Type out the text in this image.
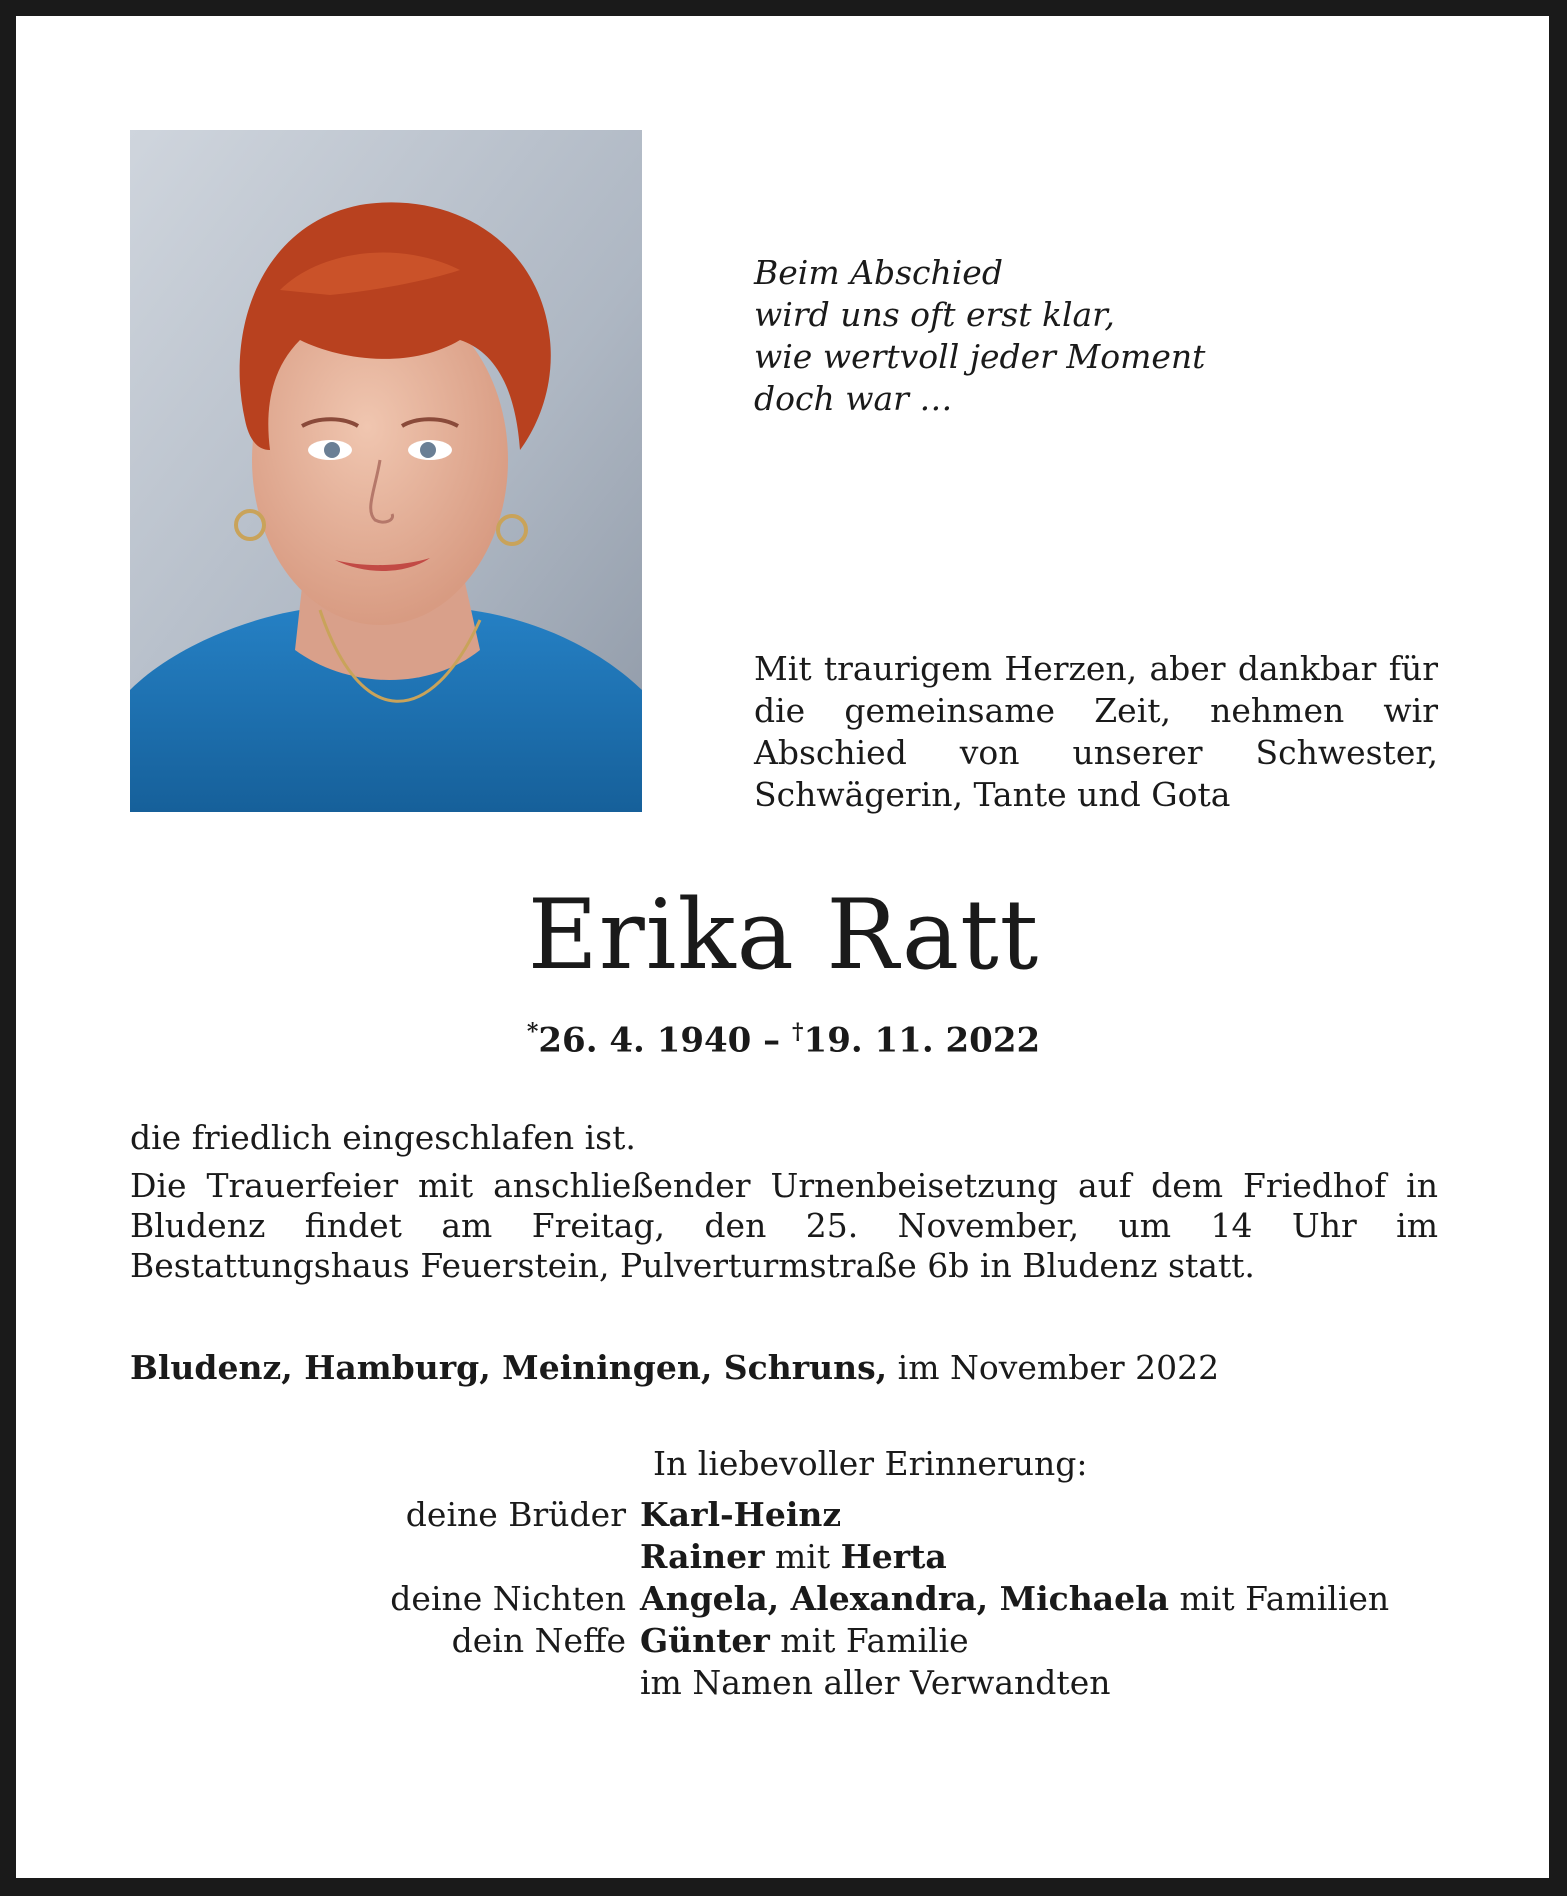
Beim Abschied
wird uns oft erst klar,
wie wertvoll jeder Moment
doch war …
Mit traurigem Herzen, aber dankbar für die gemeinsame Zeit, nehmen wir Abschied von unserer Schwester, Schwägerin, Tante und Gota
Erika Ratt
*26. 4. 1940 – †19. 11. 2022

die friedlich eingeschlafen ist.

Die Trauerfeier mit anschließender Urnenbeisetzung auf dem Friedhof in Bludenz findet am Freitag, den 25. November, um 14 Uhr im Bestattungshaus Feuerstein, Pulverturmstraße 6b in Bludenz statt.

Bludenz, Hamburg, Meiningen, Schruns, im November 2022
In liebevoller Erinnerung:
deine Brüder Karl-Heinz
Rainer mit Herta
deine Nichten Angela, Alexandra, Michaela mit Familien
dein Neffe Günter mit Familie
im Namen aller Verwandten
